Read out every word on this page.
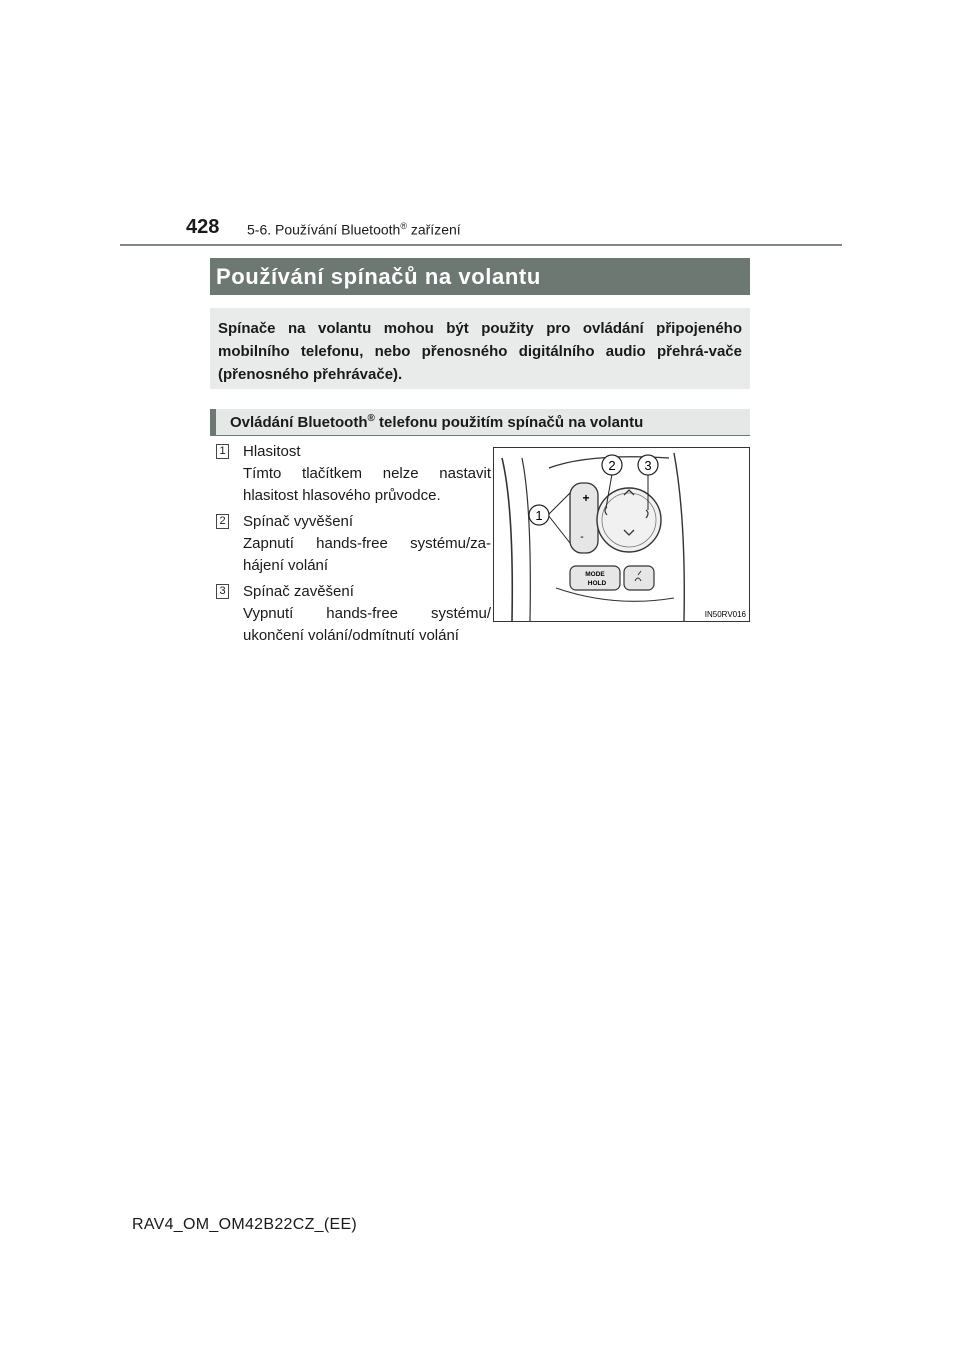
428 5-6. Používání Bluetooth® zařízení
Používání spínačů na volantu
Spínače na volantu mohou být použity pro ovládání připojeného mobilního telefonu, nebo přenosného digitálního audio přehrá-vače (přenosného přehrávače).
Ovládání Bluetooth® telefonu použitím spínačů na volantu
1 Hlasitost
Tímto tlačítkem nelze nastavit hlasitost hlasového průvodce.
2 Spínač vyvěšení
Zapnutí hands-free systému/za-hájení volání
3 Spínač zavěšení
Vypnutí hands-free systému/ ukončení volání/odmítnutí volání
+
-
MODE
HOLD
1
2 3
IN50RV016
RAV4_OM_OM42B22CZ_(EE)
